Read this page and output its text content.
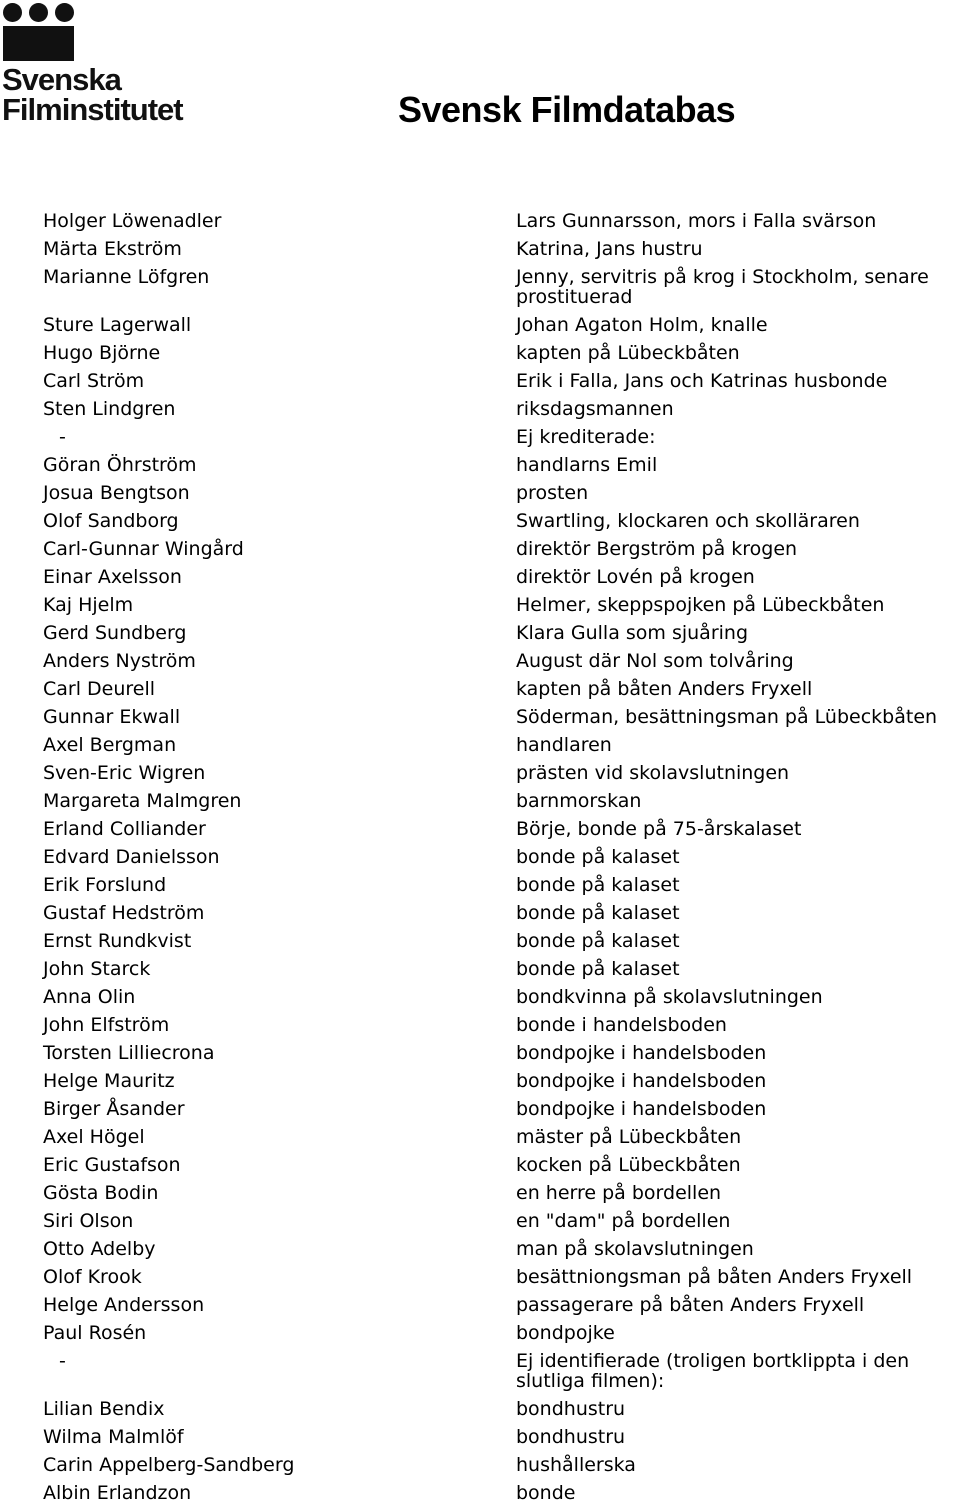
Svenska
Filminstitutet	Svensk Filmdatabas
Holger Löwenadler	Lars Gunnarsson, mors i Falla svärson
Märta Ekström	Katrina, Jans hustru
Marianne Löfgren	Jenny, servitris på krog i Stockholm, senare prostituerad
Sture Lagerwall	Johan Agaton Holm, knalle
Hugo Björne	kapten på Lübeckbåten
Carl Ström	Erik i Falla, Jans och Katrinas husbonde
Sten Lindgren	riksdagsmannen
-	Ej krediterade:
Göran Öhrström	handlarns Emil
Josua Bengtson	prosten
Olof Sandborg	Swartling, klockaren och skolläraren
Carl-Gunnar Wingård	direktör Bergström på krogen
Einar Axelsson	direktör Lovén på krogen
Kaj Hjelm	Helmer, skeppspojken på Lübeckbåten
Gerd Sundberg	Klara Gulla som sjuåring
Anders Nyström	August där Nol som tolvåring
Carl Deurell	kapten på båten Anders Fryxell
Gunnar Ekwall	Söderman, besättningsman på Lübeckbåten
Axel Bergman	handlaren
Sven-Eric Wigren	prästen vid skolavslutningen
Margareta Malmgren	barnmorskan
Erland Colliander	Börje, bonde på 75-årskalaset
Edvard Danielsson	bonde på kalaset
Erik Forslund	bonde på kalaset
Gustaf Hedström	bonde på kalaset
Ernst Rundkvist	bonde på kalaset
John Starck	bonde på kalaset
Anna Olin	bondkvinna på skolavslutningen
John Elfström	bonde i handelsboden
Torsten Lilliecrona	bondpojke i handelsboden
Helge Mauritz	bondpojke i handelsboden
Birger Åsander	bondpojke i handelsboden
Axel Högel	mäster på Lübeckbåten
Eric Gustafson	kocken på Lübeckbåten
Gösta Bodin	en herre på bordellen
Siri Olson	en "dam" på bordellen
Otto Adelby	man på skolavslutningen
Olof Krook	besättniongsman på båten Anders Fryxell
Helge Andersson	passagerare på båten Anders Fryxell
Paul Rosén	bondpojke
-	Ej identifierade (troligen bortklippta i den slutliga filmen):
Lilian Bendix	bondhustru
Wilma Malmlöf	bondhustru
Carin Appelberg-Sandberg	hushållerska
Albin Erlandzon	bonde
